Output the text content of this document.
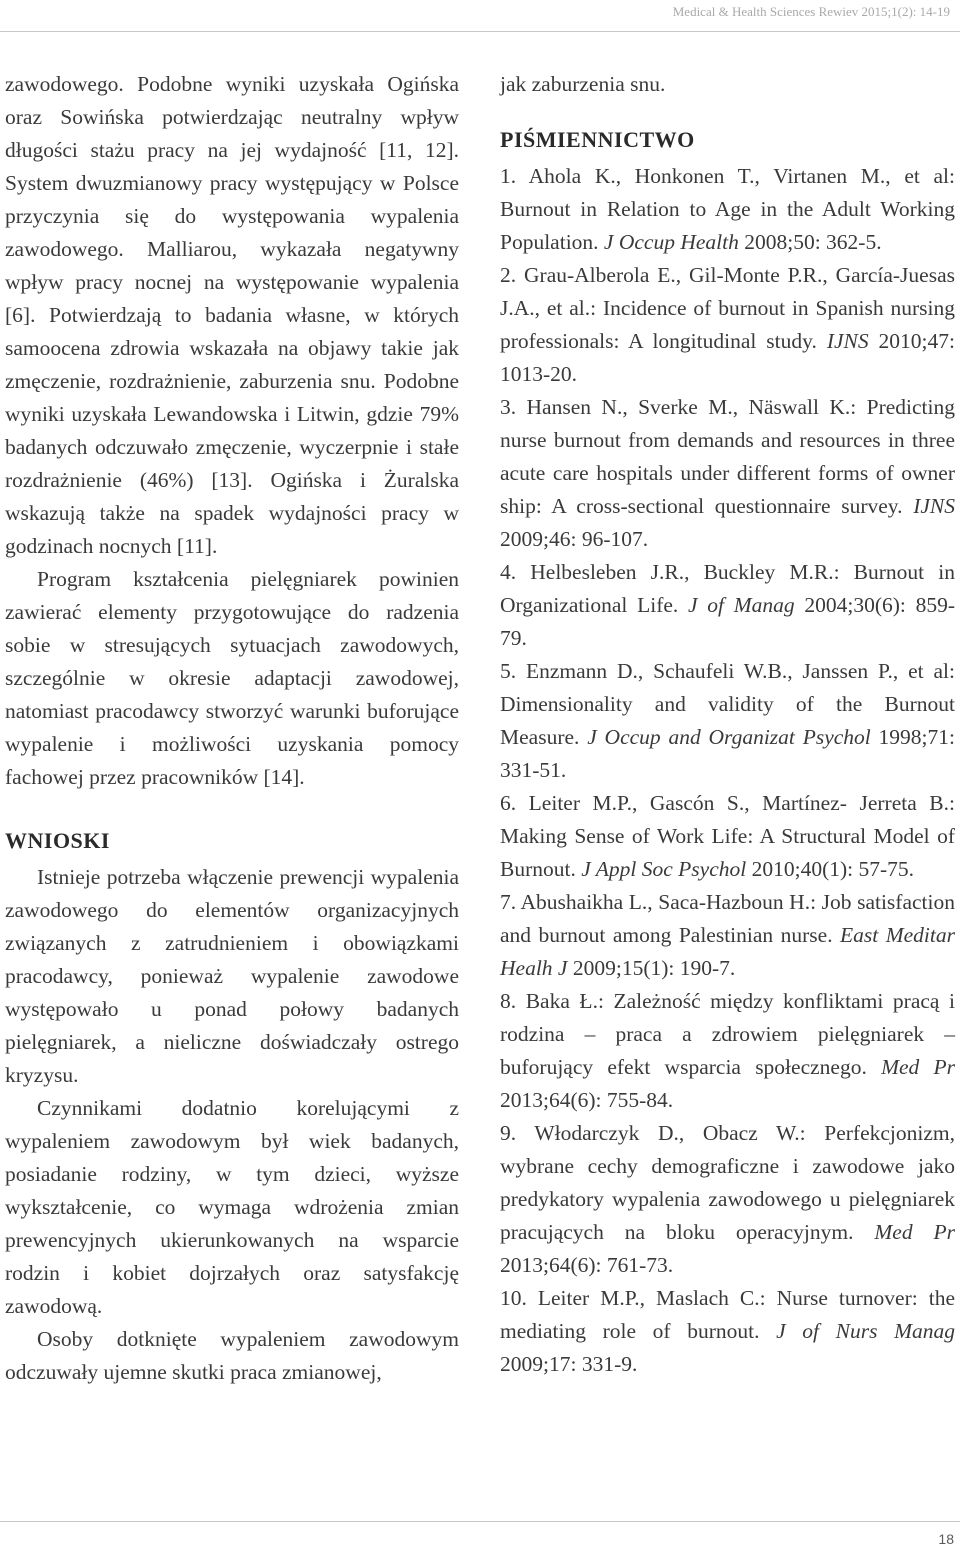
Medical & Health Sciences Rewiev 2015;1(2): 14-19

zawodowego. Podobne wyniki uzyskała Ogińska oraz Sowińska potwierdzając neutralny wpływ długości stażu pracy na jej wydajność [11, 12]. System dwuzmianowy pracy występujący w Polsce przyczynia się do występowania wypalenia zawodowego. Malliarou, wykazała negatywny wpływ pracy nocnej na występowanie wypalenia [6]. Potwierdzają to badania własne, w których samoocena zdrowia wskazała na objawy takie jak zmęczenie, rozdrażnienie, zaburzenia snu. Podobne wyniki uzyskała Lewandowska i Litwin, gdzie 79% badanych odczuwało zmęczenie, wyczerpnie i stałe rozdrażnienie (46%) [13]. Ogińska i Żuralska wskazują także na spadek wydajności pracy w godzinach nocnych [11].

Program kształcenia pielęgniarek powinien zawierać elementy przygotowujące do radzenia sobie w stresujących sytuacjach zawodowych, szczególnie w okresie adaptacji zawodowej, natomiast pracodawcy stworzyć warunki buforujące wypalenie i możliwości uzyskania pomocy fachowej przez pracowników [14].

WNIOSKI

Istnieje potrzeba włączenie prewencji wypalenia zawodowego do elementów organizacyjnych związanych z zatrudnieniem i obowiązkami pracodawcy, ponieważ wypalenie zawodowe występowało u ponad połowy badanych pielęgniarek, a nieliczne doświadczały ostrego kryzysu.

Czynnikami dodatnio korelującymi z wypaleniem zawodowym był wiek badanych, posiadanie rodziny, w tym dzieci, wyższe wykształcenie, co wymaga wdrożenia zmian prewencyjnych ukierunkowanych na wsparcie rodzin i kobiet dojrzałych oraz satysfakcję zawodową.

Osoby dotknięte wypaleniem zawodowym odczuwały ujemne skutki praca zmianowej,

jak zaburzenia snu.

PIŚMIENNICTWO

1. Ahola K., Honkonen T., Virtanen M., et al: Burnout in Relation to Age in the Adult Working Population. J Occup Health 2008;50: 362-5.

2. Grau-Alberola E., Gil-Monte P.R., García-Juesas J.A., et al.: Incidence of burnout in Spanish nursing professionals: A longitudinal study. IJNS 2010;47: 1013-20.

3. Hansen N., Sverke M., Näswall K.: Predicting nurse burnout from demands and resources in three acute care hospitals under different forms of owner ship: A cross-sectional questionnaire survey. IJNS 2009;46: 96-107.

4. Helbesleben J.R., Buckley M.R.: Burnout in Organizational Life. J of Manag 2004;30(6): 859-79.

5. Enzmann D., Schaufeli W.B., Janssen P., et al: Dimensionality and validity of the Burnout Measure. J Occup and Organizat Psychol 1998;71: 331-51.

6. Leiter M.P., Gascón S., Martínez- Jerreta B.: Making Sense of Work Life: A Structural Model of Burnout. J Appl Soc Psychol 2010;40(1): 57-75.

7. Abushaikha L., Saca-Hazboun H.: Job satisfaction and burnout among Palestinian nurse. East Meditar Healh J 2009;15(1): 190-7.

8. Baka Ł.: Zależność między konfliktami pracą i rodzina – praca a zdrowiem pielęgniarek – buforujący efekt wsparcia społecznego. Med Pr 2013;64(6): 755-84.

9. Włodarczyk D., Obacz W.: Perfekcjonizm, wybrane cechy demograficzne i zawodowe jako predykatory wypalenia zawodowego u pielęgniarek pracujących na bloku operacyjnym. Med Pr 2013;64(6): 761-73.

10. Leiter M.P., Maslach C.: Nurse turnover: the mediating role of burnout. J of Nurs Manag 2009;17: 331-9.

18
